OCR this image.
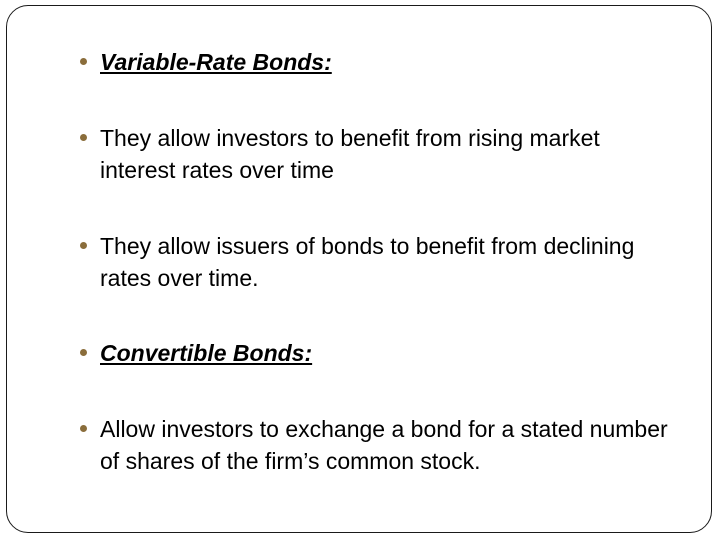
Variable-Rate Bonds:
They allow investors to benefit from rising market interest rates over time
They allow issuers of bonds to benefit from declining rates over time.
Convertible Bonds:
Allow investors to exchange a bond for a stated number of shares of the firm’s common stock.
